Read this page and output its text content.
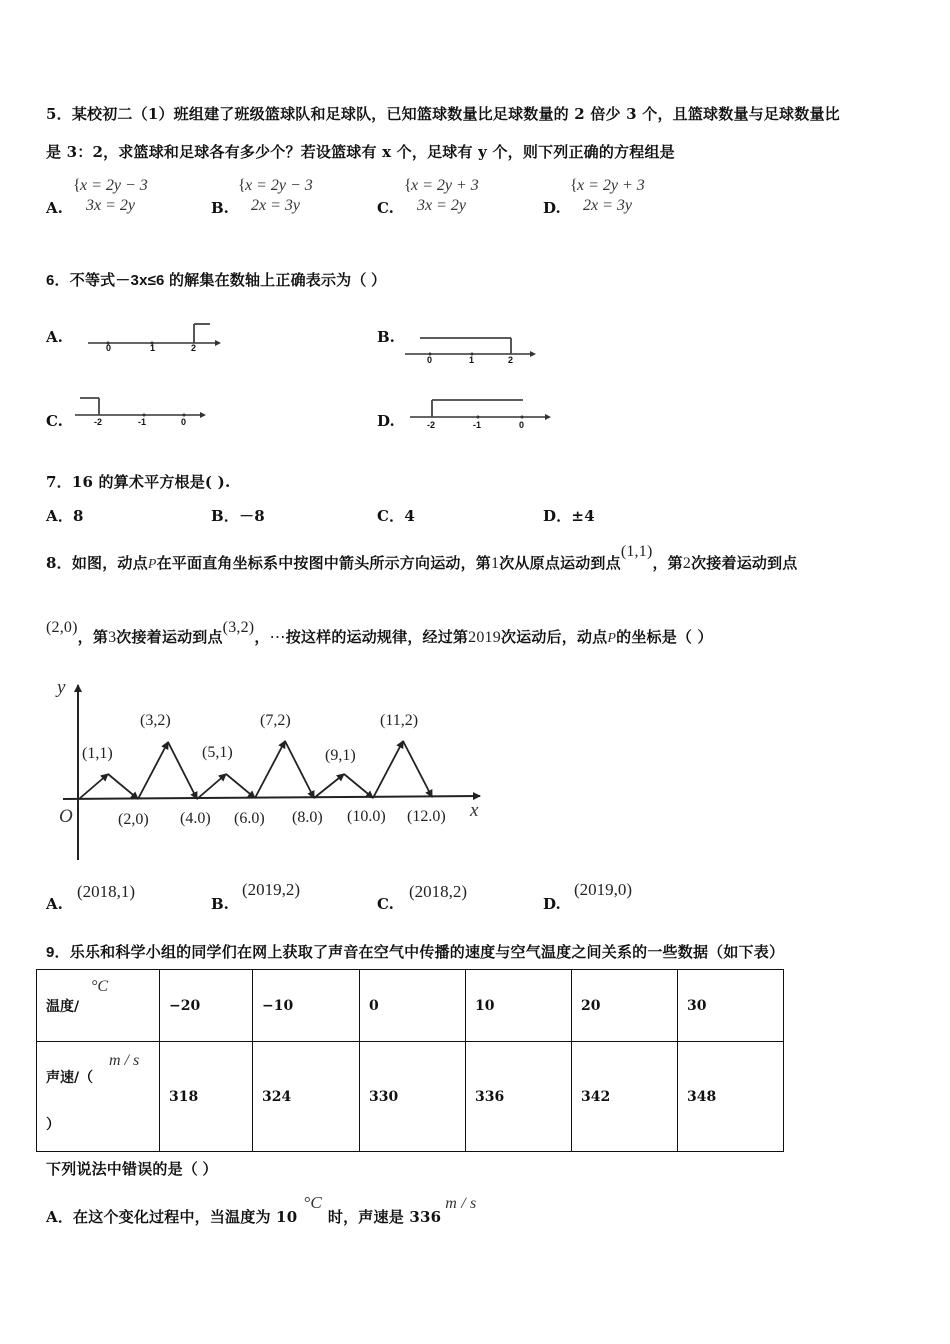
5．某校初二（1）班组建了班级篮球队和足球队，已知篮球数量比足球数量的 2 倍少 3 个，且篮球数量与足球数量比
是 3：2，求篮球和足球各有多少个？若设篮球有 x 个，足球有 y 个，则下列正确的方程组是
A.
{ x = 2y − 3
3x = 2y	B.
{ x = 2y − 3
2x = 3y	C.
{ x = 2y + 3
3x = 2y	D.
{ x = 2y + 3
2x = 3y
6．不等式－3x≤6 的解集在数轴上正确表示为（ ）
A.
0	1	2
B.
0	1	2
C.	-2	-1	0	D.	-2	-1	0
7．16 的算术平方根是( ).
A．8	B．－8	C．4	D．±4
8．如图，动点P在平面直角坐标系中按图中箭头所示方向运动，第1次从原点运动到点(1,1)，第2次接着运动到点
(2,0)，第3次接着运动到点(3,2)，⋯按这样的运动规律，经过第2019次运动后，动点P的坐标是（ ）
y
x
O
(1,1)
(3,2)
(5,1)
(7,2)
(9,1)
(11,2)
(2,0) (4.0) (6.0) (8.0) (10.0) (12.0)
A.
(2018,1)
B.
(2019,2)
C.
(2018,2)
D.
(2019,0)
9．乐乐和科学小组的同学们在网上获取了声音在空气中传播的速度与空气温度之间关系的一些数据（如下表）
温度/
°C	−20	−10	0	10	20	30

声速/（
m / s
）	318	324	330	336	342	348
下列说法中错误的是（ ）
A．在这个变化过程中，当温度为 10°C时，声速是 336m / s
